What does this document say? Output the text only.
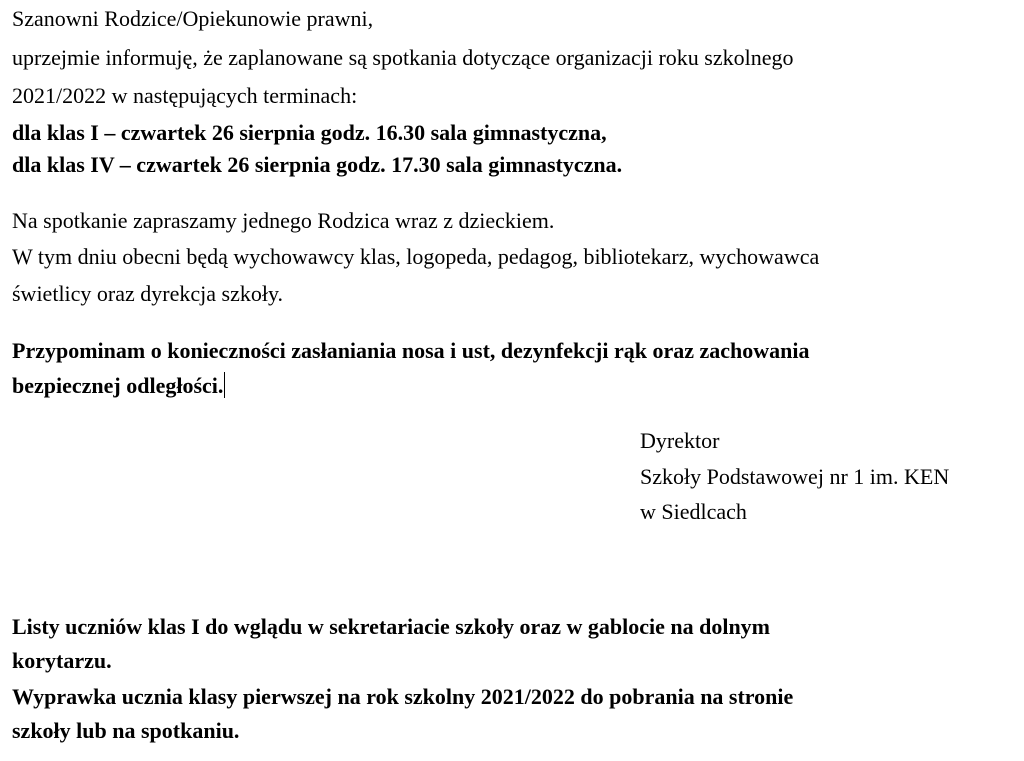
Szanowni Rodzice/Opiekunowie prawni,
uprzejmie informuję, że zaplanowane są spotkania dotyczące organizacji roku szkolnego
2021/2022 w następujących terminach:
dla klas I – czwartek 26 sierpnia godz. 16.30 sala gimnastyczna,
dla klas IV – czwartek 26 sierpnia godz. 17.30 sala gimnastyczna.
Na spotkanie zapraszamy jednego Rodzica wraz z dzieckiem.
W tym dniu obecni będą wychowawcy klas, logopeda, pedagog, bibliotekarz, wychowawca
świetlicy oraz dyrekcja szkoły.
Przypominam o konieczności zasłaniania nosa i ust, dezynfekcji rąk oraz zachowania
bezpiecznej odległości.
Dyrektor
Szkoły Podstawowej nr 1 im. KEN
w Siedlcach
Listy uczniów klas I do wglądu w sekretariacie szkoły oraz w gablocie na dolnym
korytarzu.
Wyprawka ucznia klasy pierwszej na rok szkolny 2021/2022 do pobrania na stronie
szkoły lub na spotkaniu.
